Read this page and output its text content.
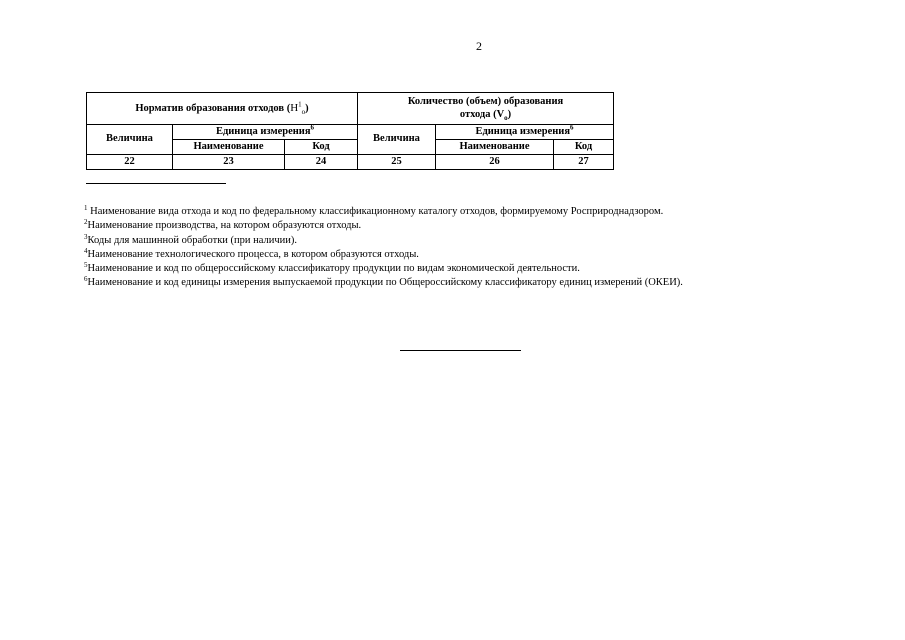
2
Норматив образования отходов $(Н^1_о)$			Количество (объем) образования
отхода $(V_о)$		
Величина	Единица измерения$^6$		Величина	Единица измерения$^6$
	Наименование	Код		Наименование	Код
22	23	24	25	26	27

$^1$ Наименование вида отхода и код по федеральному классификационному каталогу отходов, формируемому Росприроднадзором.

$^2$Наименование производства, на котором образуются отходы.

$^3$Коды для машинной обработки (при наличии).

$^4$Наименование технологического процесса, в котором образуются отходы.

$^5$Наименование и код по общероссийскому классификатору продукции по видам экономической деятельности.

$^6$Наименование и код единицы измерения выпускаемой продукции по Общероссийскому классификатору единиц измерений (ОКЕИ).
